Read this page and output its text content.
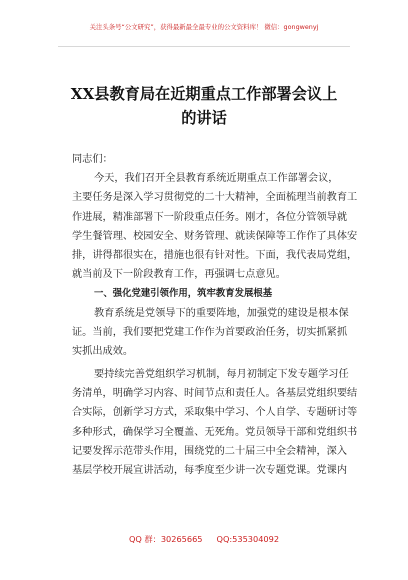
关注头条号“公文研究”，获得最新最全最专业的公文资料库！ 微信：gongwenyj
XX县教育局在近期重点工作部署会议上
的讲话
同志们：
今天，我们召开全县教育系统近期重点工作部署会议，
主要任务是深入学习贯彻党的二十大精神，全面梳理当前教育工
作进展，精准部署下一阶段重点任务。刚才，各位分管领导就
学生餐管理、校园安全、财务管理、就读保障等工作作了具体安
排，讲得都很实在，措施也很有针对性。下面，我代表局党组，
就当前及下一阶段教育工作，再强调七点意见。
一、强化党建引领作用，筑牢教育发展根基
教育系统是党领导下的重要阵地，加强党的建设是根本保
证。当前，我们要把党建工作作为首要政治任务，切实抓紧抓
实抓出成效。
要持续完善党组织学习机制，每月初制定下发专题学习任
务清单，明确学习内容、时间节点和责任人。各基层党组织要结
合实际，创新学习方式，采取集中学习、个人自学、专题研讨等
多种形式，确保学习全覆盖、无死角。党员领导干部和党组织书
记要发挥示范带头作用，围绕党的二十届三中全会精神，深入
基层学校开展宣讲活动，每季度至少讲一次专题党课。党课内
QQ 群：30265665 QQ:535304092
